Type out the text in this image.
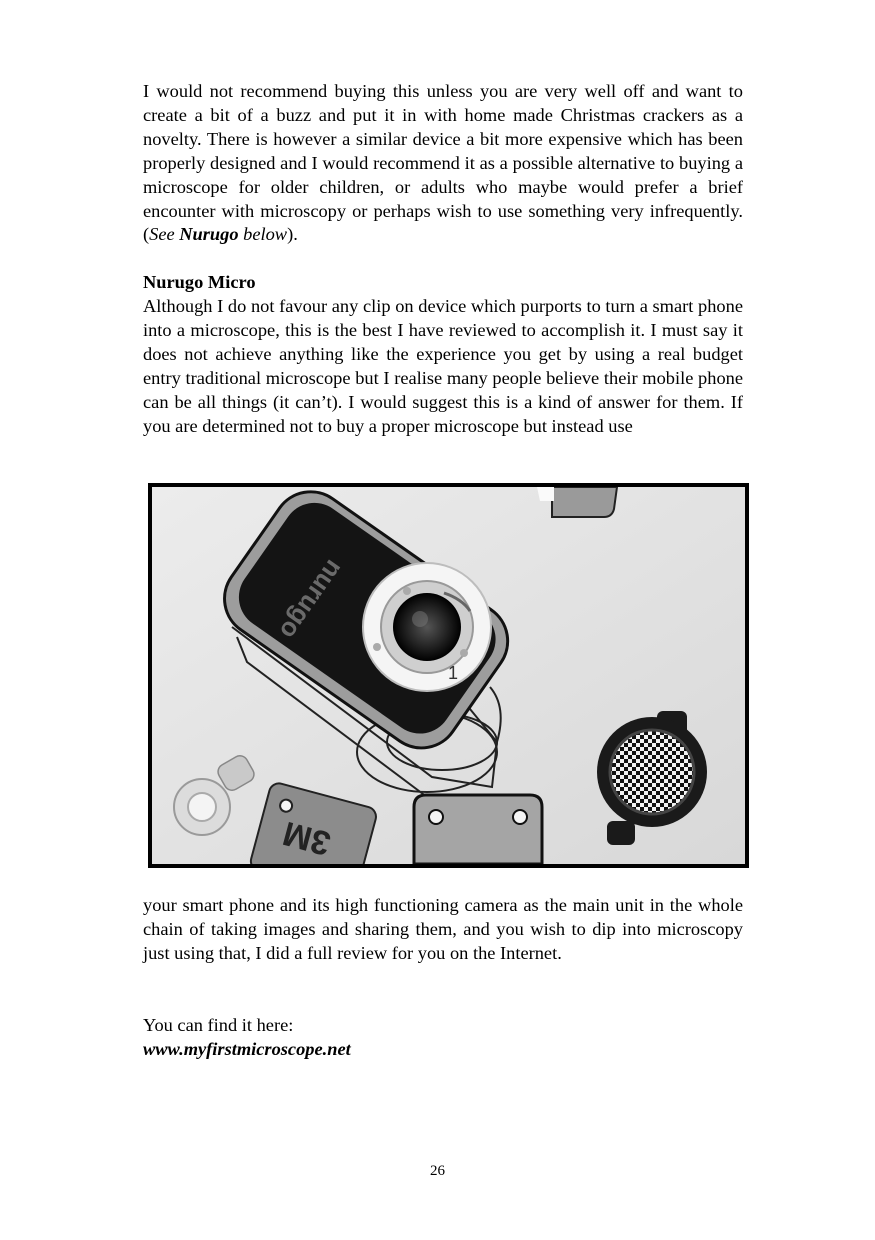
I would not recommend buying this unless you are very well off and want to create a bit of a buzz and put it in with home made Christmas crackers as a novelty. There is however a similar device a bit more expensive which has been properly designed and I would recommend it as a possible alternative to buying a microscope for older children, or adults who maybe would prefer a brief encounter with microscopy or perhaps wish to use something very infrequently. (See Nurugo below).

Nurugo Micro

Although I do not favour any clip on device which purports to turn a smart phone into a microscope, this is the best I have reviewed to accomplish it. I must say it does not achieve anything like the experience you get by using a real budget entry traditional microscope but I realise many people believe their mobile phone can be all things (it can’t). I would suggest this is a kind of answer for them. If you are determined not to buy a proper microscope but instead use

nurugo
1
3M

your smart phone and its high functioning camera as the main unit in the whole chain of taking images and sharing them, and you wish to dip into microscopy just using that, I did a full review for you on the Internet.

You can find it here:

www.myfirstmicroscope.net

26
